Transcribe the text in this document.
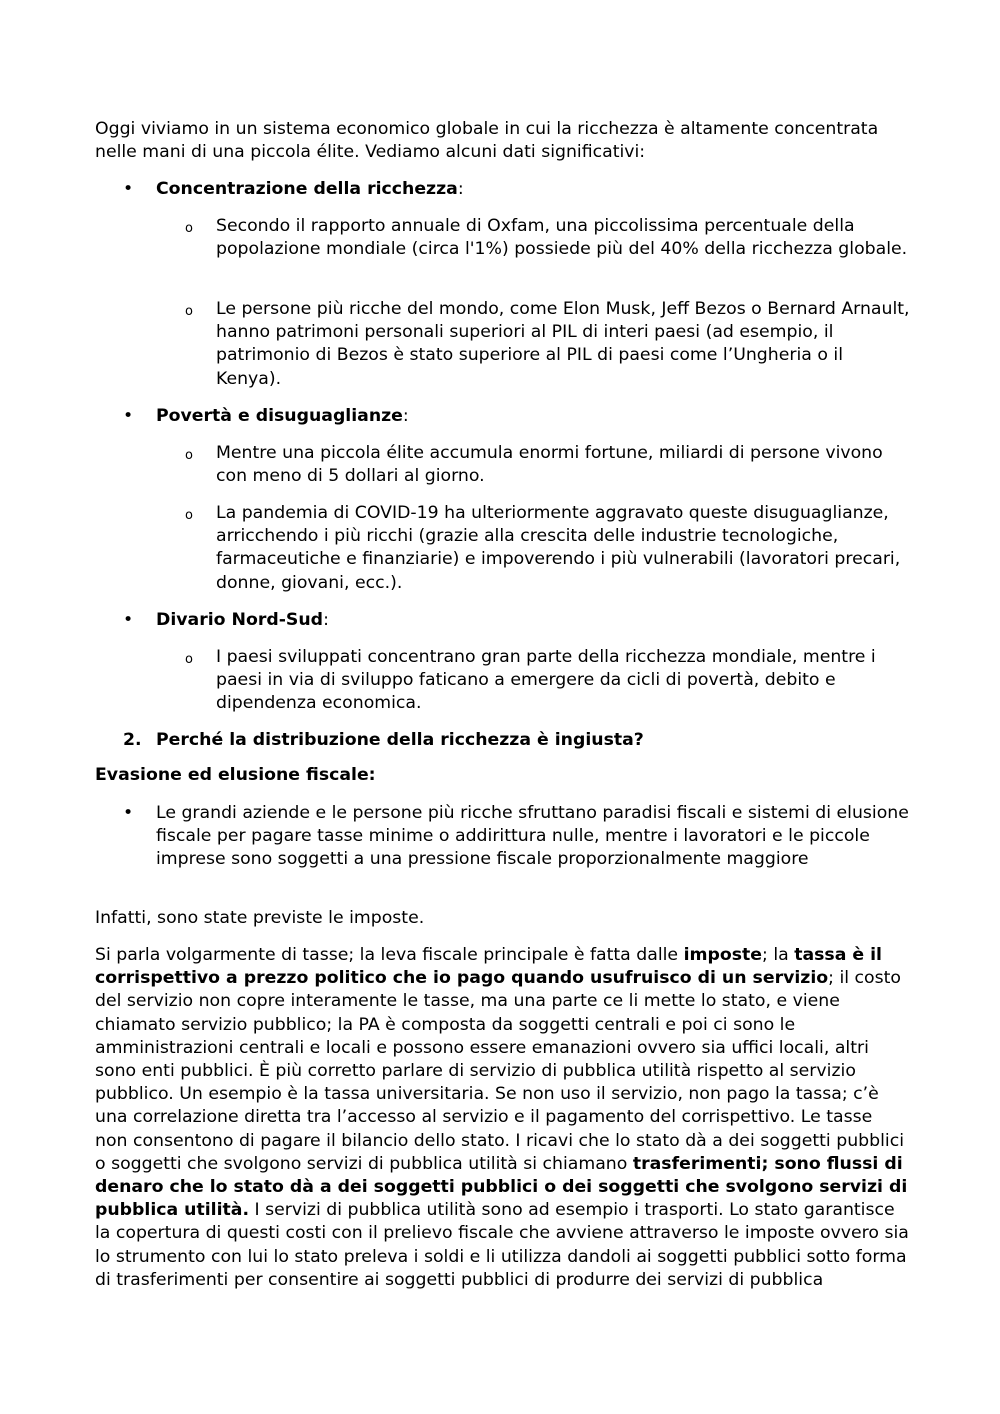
Oggi viviamo in un sistema economico globale in cui la ricchezza è altamente concentrata nelle mani di una piccola élite. Vediamo alcuni dati significativi:

• Concentrazione della ricchezza:
o Secondo il rapporto annuale di Oxfam, una piccolissima percentuale della popolazione mondiale (circa l'1%) possiede più del 40% della ricchezza globale.
o Le persone più ricche del mondo, come Elon Musk, Jeff Bezos o Bernard Arnault, hanno patrimoni personali superiori al PIL di interi paesi (ad esempio, il patrimonio di Bezos è stato superiore al PIL di paesi come l’Ungheria o il Kenya).
• Povertà e disuguaglianze:
o Mentre una piccola élite accumula enormi fortune, miliardi di persone vivono con meno di 5 dollari al giorno.
o La pandemia di COVID-19 ha ulteriormente aggravato queste disuguaglianze, arricchendo i più ricchi (grazie alla crescita delle industrie tecnologiche, farmaceutiche e finanziarie) e impoverendo i più vulnerabili (lavoratori precari, donne, giovani, ecc.).
• Divario Nord-Sud:
o I paesi sviluppati concentrano gran parte della ricchezza mondiale, mentre i paesi in via di sviluppo faticano a emergere da cicli di povertà, debito e dipendenza economica.
2. Perché la distribuzione della ricchezza è ingiusta?
Evasione ed elusione fiscale:
• Le grandi aziende e le persone più ricche sfruttano paradisi fiscali e sistemi di elusione fiscale per pagare tasse minime o addirittura nulle, mentre i lavoratori e le piccole imprese sono soggetti a una pressione fiscale proporzionalmente maggiore

Infatti, sono state previste le imposte.

Si parla volgarmente di tasse; la leva fiscale principale è fatta dalle imposte; la tassa è il corrispettivo a prezzo politico che io pago quando usufruisco di un servizio; il costo del servizio non copre interamente le tasse, ma una parte ce li mette lo stato, e viene chiamato servizio pubblico; la PA è composta da soggetti centrali e poi ci sono le amministrazioni centrali e locali e possono essere emanazioni ovvero sia uffici locali, altri sono enti pubblici. È più corretto parlare di servizio di pubblica utilità rispetto al servizio pubblico. Un esempio è la tassa universitaria. Se non uso il servizio, non pago la tassa; c’è una correlazione diretta tra l’accesso al servizio e il pagamento del corrispettivo. Le tasse non consentono di pagare il bilancio dello stato. I ricavi che lo stato dà a dei soggetti pubblici o soggetti che svolgono servizi di pubblica utilità si chiamano trasferimenti; sono flussi di denaro che lo stato dà a dei soggetti pubblici o dei soggetti che svolgono servizi di pubblica utilità. I servizi di pubblica utilità sono ad esempio i trasporti. Lo stato garantisce la copertura di questi costi con il prelievo fiscale che avviene attraverso le imposte ovvero sia lo strumento con lui lo stato preleva i soldi e li utilizza dandoli ai soggetti pubblici sotto forma di trasferimenti per consentire ai soggetti pubblici di produrre dei servizi di pubblica
